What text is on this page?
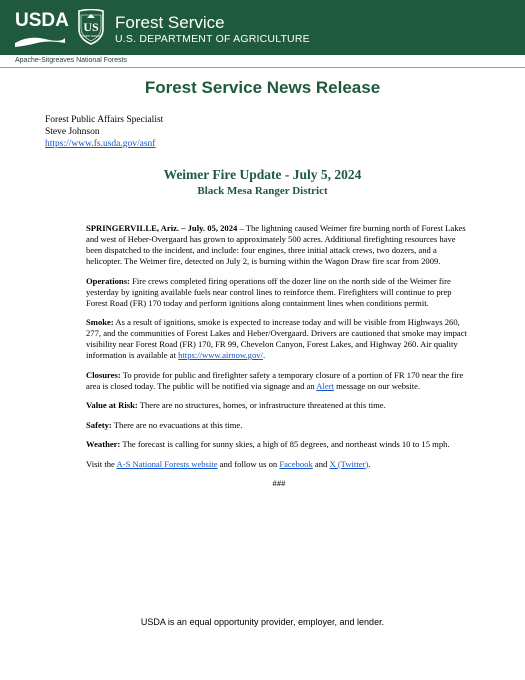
USDA US
FOREST SERVICE
Forest Service
U.S. DEPARTMENT OF AGRICULTURE
Apache-Sitgreaves National Forests
Forest Service News Release
Forest Public Affairs Specialist
Steve Johnson
https://www.fs.usda.gov/asnf
Weimer Fire Update - July 5, 2024
Black Mesa Ranger District

SPRINGERVILLE, Ariz. – July. 05, 2024 – The lightning caused Weimer fire burning north of Forest Lakes and west of Heber-Overgaard has grown to approximately 500 acres. Additional firefighting resources have been dispatched to the incident, and include: four engines, three initial attack crews, two dozers, and a helicopter. The Weimer fire, detected on July 2, is burning within the Wagon Draw fire scar from 2009.

Operations: Fire crews completed firing operations off the dozer line on the north side of the Weimer fire yesterday by igniting available fuels near control lines to reinforce them. Firefighters will continue to prep Forest Road (FR) 170 today and perform ignitions along containment lines when conditions permit.

Smoke: As a result of ignitions, smoke is expected to increase today and will be visible from Highways 260, 277, and the communities of Forest Lakes and Heber/Overgaard. Drivers are cautioned that smoke may impact visibility near Forest Road (FR) 170, FR 99, Chevelon Canyon, Forest Lakes, and Highway 260. Air quality information is available at https://www.airnow.gov/.

Closures: To provide for public and firefighter safety a temporary closure of a portion of FR 170 near the fire area is closed today. The public will be notified via signage and an Alert message on our website.

Value at Risk: There are no structures, homes, or infrastructure threatened at this time.

Safety: There are no evacuations at this time.

Weather: The forecast is calling for sunny skies, a high of 85 degrees, and northeast winds 10 to 15 mph.

Visit the A-S National Forests website and follow us on Facebook and X (Twitter).

###

USDA is an equal opportunity provider, employer, and lender.
